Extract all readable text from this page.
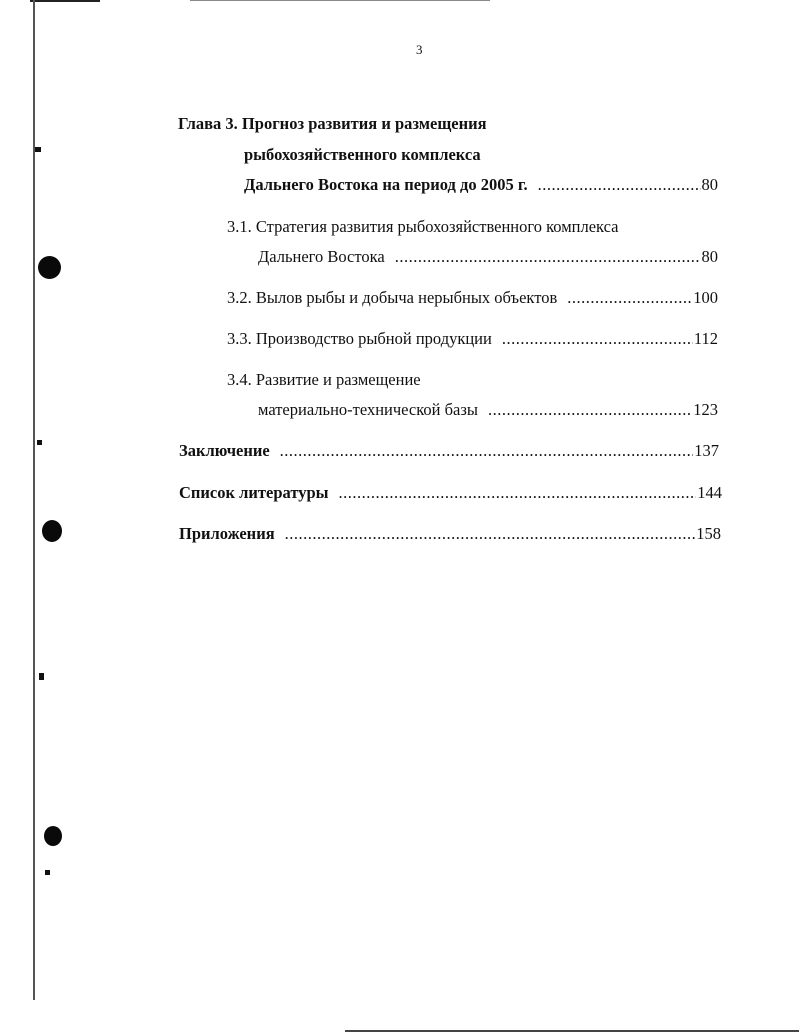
3
Глава 3. Прогноз развития и размещения
рыбохозяйственного комплекса
Дальнего Востока на период до 2005 г. .....	80
3.1. Стратегия развития рыбохозяйственного комплекса
Дальнего Востока .....	80
3.2. Вылов рыбы и добыча нерыбных объектов .....	100
3.3. Производство рыбной продукции .....	112
3.4. Развитие и размещение
материально-технической базы .....	123
Заключение .....	137
Список литературы .....	144
Приложения .....	158
